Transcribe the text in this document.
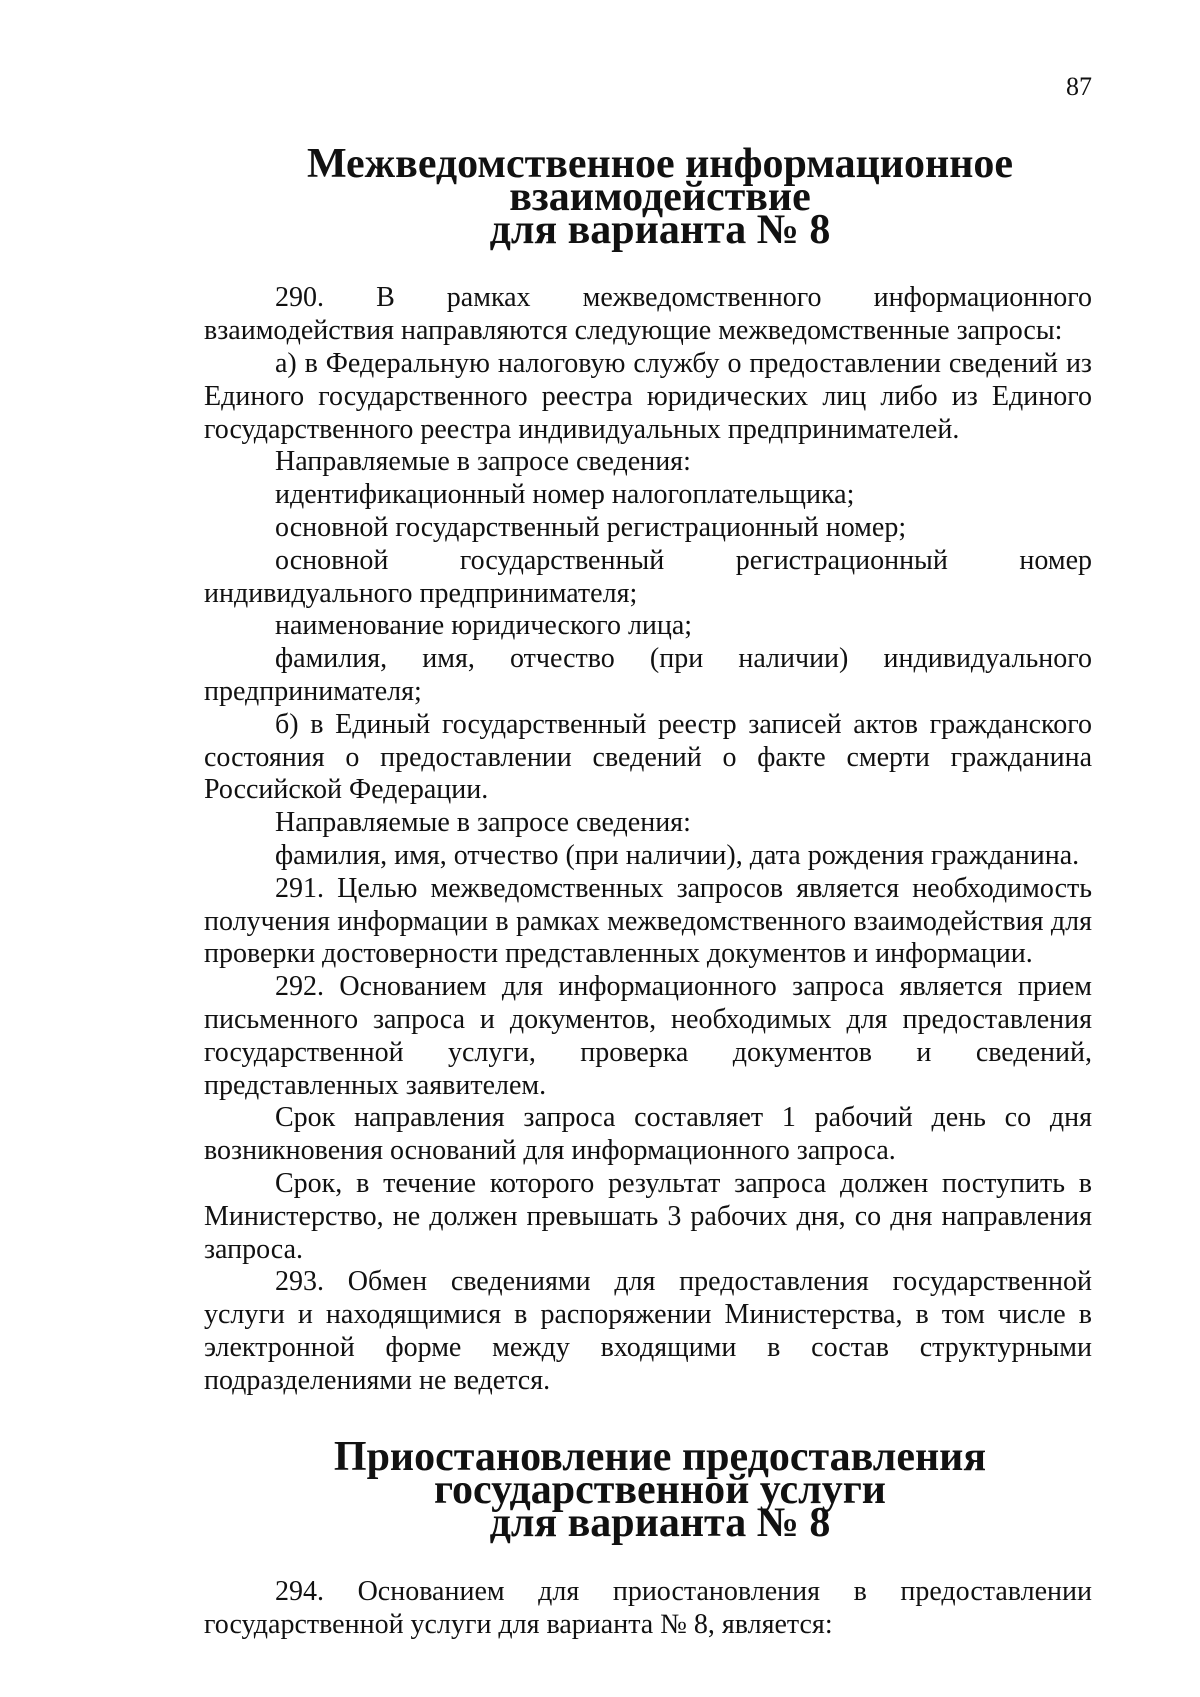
87
Межведомственное информационное взаимодействие
для варианта № 8

290. В рамках межведомственного информационного взаимодействия направляются следующие межведомственные запросы:

а) в Федеральную налоговую службу о предоставлении сведений из Единого государственного реестра юридических лиц либо из Единого государственного реестра индивидуальных предпринимателей.

Направляемые в запросе сведения:

идентификационный номер налогоплательщика;

основной государственный регистрационный номер;

основной государственный регистрационный номер индивидуального предпринимателя;

наименование юридического лица;

фамилия, имя, отчество (при наличии) индивидуального предпринимателя;

б) в Единый государственный реестр записей актов гражданского состояния о предоставлении сведений о факте смерти гражданина Российской Федерации.

Направляемые в запросе сведения:

фамилия, имя, отчество (при наличии), дата рождения гражданина.

291. Целью межведомственных запросов является необходимость получения информации в рамках межведомственного взаимодействия для проверки достоверности представленных документов и информации.

292. Основанием для информационного запроса является прием письменного запроса и документов, необходимых для предоставления государственной услуги, проверка документов и сведений, представленных заявителем.

Срок направления запроса составляет 1 рабочий день со дня возникновения оснований для информационного запроса.

Срок, в течение которого результат запроса должен поступить в Министерство, не должен превышать 3 рабочих дня, со дня направления запроса.

293. Обмен сведениями для предоставления государственной услуги и находящимися в распоряжении Министерства, в том числе в электронной форме между входящими в состав структурными подразделениями не ведется.

Приостановление предоставления государственной услуги
для варианта № 8

294. Основанием для приостановления в предоставлении государственной услуги для варианта № 8, является:
